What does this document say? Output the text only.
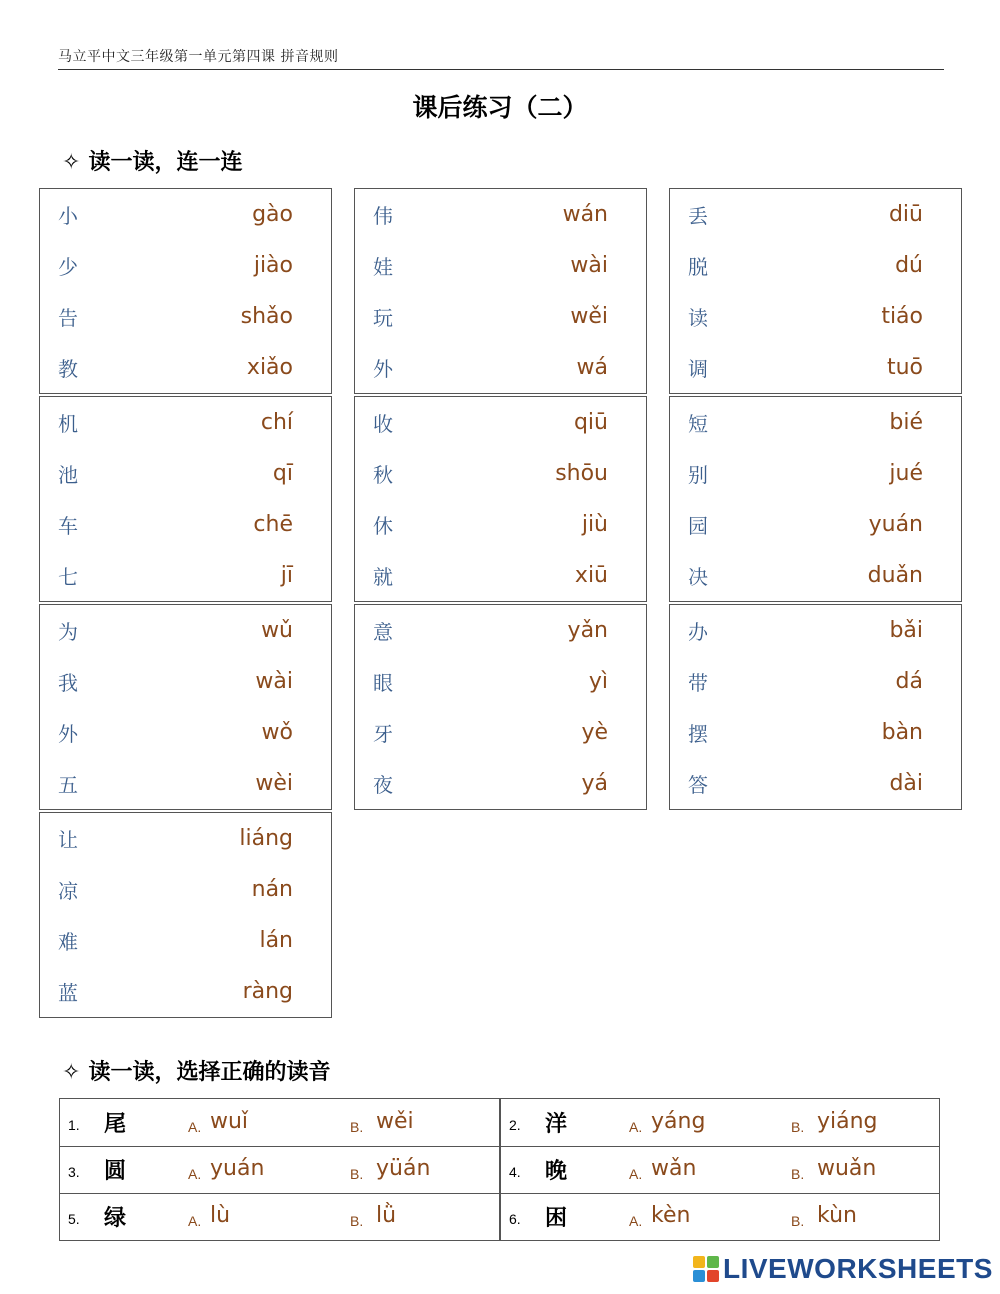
马立平中文三年级第一单元第四课 拼音规则
课后练习（二）
✧ 读一读，连一连
小	gào
少	jiào
告	shǎo
教	xiǎo
伟	wán
娃	wài
玩	wěi
外	wá
丢	diū
脱	dú
读	tiáo
调	tuō
机	chí
池	qī
车	chē
七	jī
收	qiū
秋	shōu
休	jiù
就	xiū
短	bié
别	jué
园	yuán
决	duǎn
为	wǔ
我	wài
外	wǒ
五	wèi
意	yǎn
眼	yì
牙	yè
夜	yá
办	bǎi
带	dá
摆	bàn
答	dài
让	liáng
凉	nán
难	lán
蓝	ràng
✧ 读一读，选择正确的读音
1. 尾	A. wuǐ	B. wěi	2. 洋	A. yáng	B. yiáng
3. 圆	A. yuán	B. yüán	4. 晚	A. wǎn	B. wuǎn
5. 绿	A. lù	B. lǜ	6. 困	A. kèn	B. kùn
LIVEWORKSHEETS
